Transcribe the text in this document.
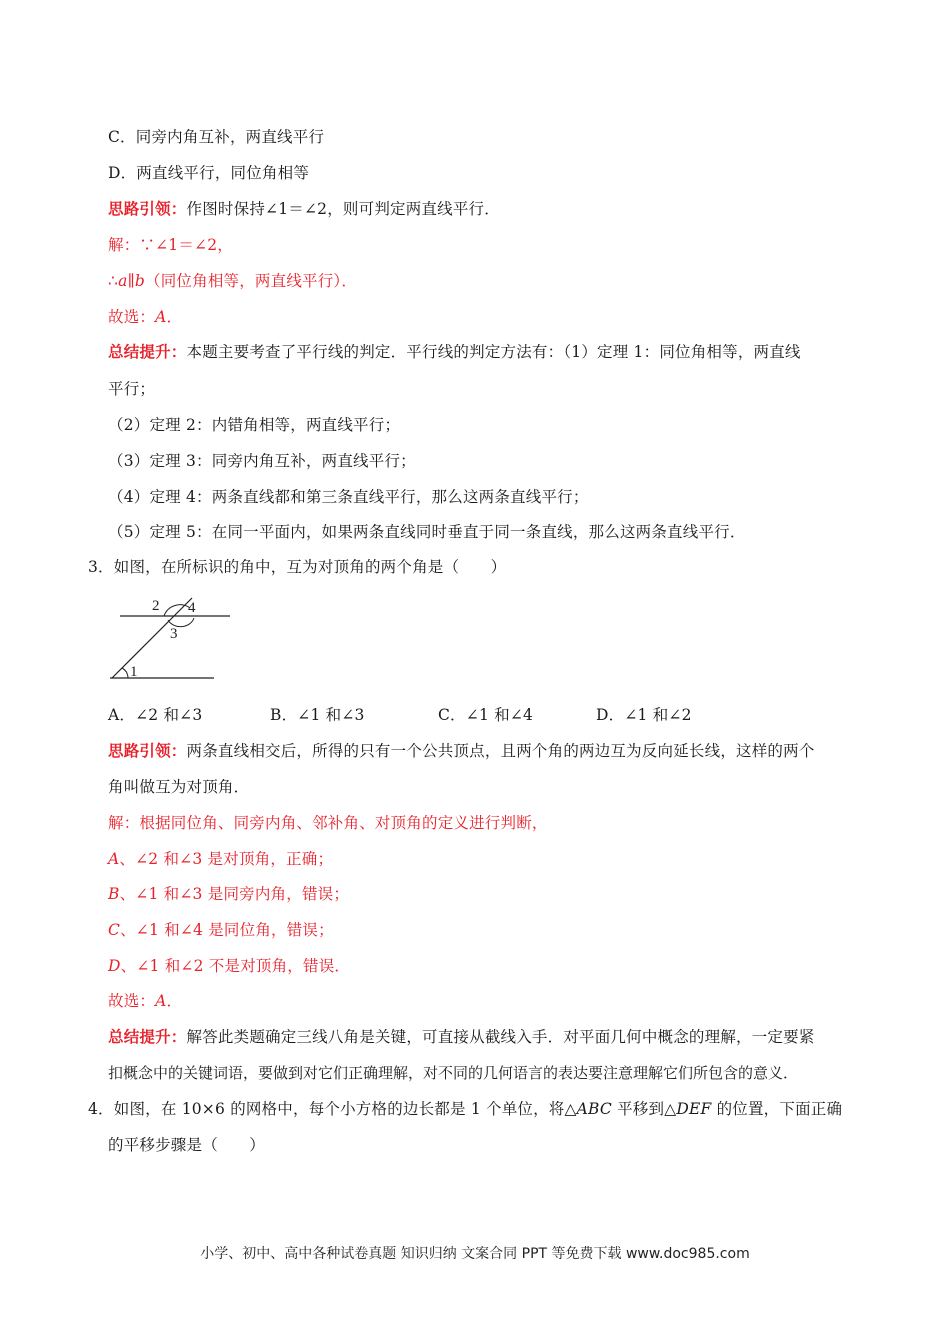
C．同旁内角互补，两直线平行
D．两直线平行，同位角相等
思路引领：作图时保持∠1＝∠2，则可判定两直线平行．
解：∵∠1＝∠2，
∴a∥b（同位角相等，两直线平行）．
故选：A．
总结提升：本题主要考查了平行线的判定．平行线的判定方法有：（1）定理 1：同位角相等，两直线
平行；
（2）定理 2：内错角相等，两直线平行；
（3）定理 3：同旁内角互补，两直线平行；
（4）定理 4：两条直线都和第三条直线平行，那么这两条直线平行；
（5）定理 5：在同一平面内，如果两条直线同时垂直于同一条直线，那么这两条直线平行．
3．如图，在所标识的角中，互为对顶角的两个角是（　　）
2 4
3
1
A．∠2 和∠3	B．∠1 和∠3	C．∠1 和∠4	D．∠1 和∠2
思路引领：两条直线相交后，所得的只有一个公共顶点，且两个角的两边互为反向延长线，这样的两个
角叫做互为对顶角．
解：根据同位角、同旁内角、邻补角、对顶角的定义进行判断，
A、∠2 和∠3 是对顶角，正确；
B、∠1 和∠3 是同旁内角，错误；
C、∠1 和∠4 是同位角，错误；
D、∠1 和∠2 不是对顶角，错误．
故选：A．
总结提升：解答此类题确定三线八角是关键，可直接从截线入手．对平面几何中概念的理解，一定要紧
扣概念中的关键词语，要做到对它们正确理解，对不同的几何语言的表达要注意理解它们所包含的意义．
4．如图，在 10×6 的网格中，每个小方格的边长都是 1 个单位，将△ABC 平移到△DEF 的位置，下面正确
的平移步骤是（　　）
小学、初中、高中各种试卷真题 知识归纳 文案合同 PPT 等免费下载 www.doc985.com
